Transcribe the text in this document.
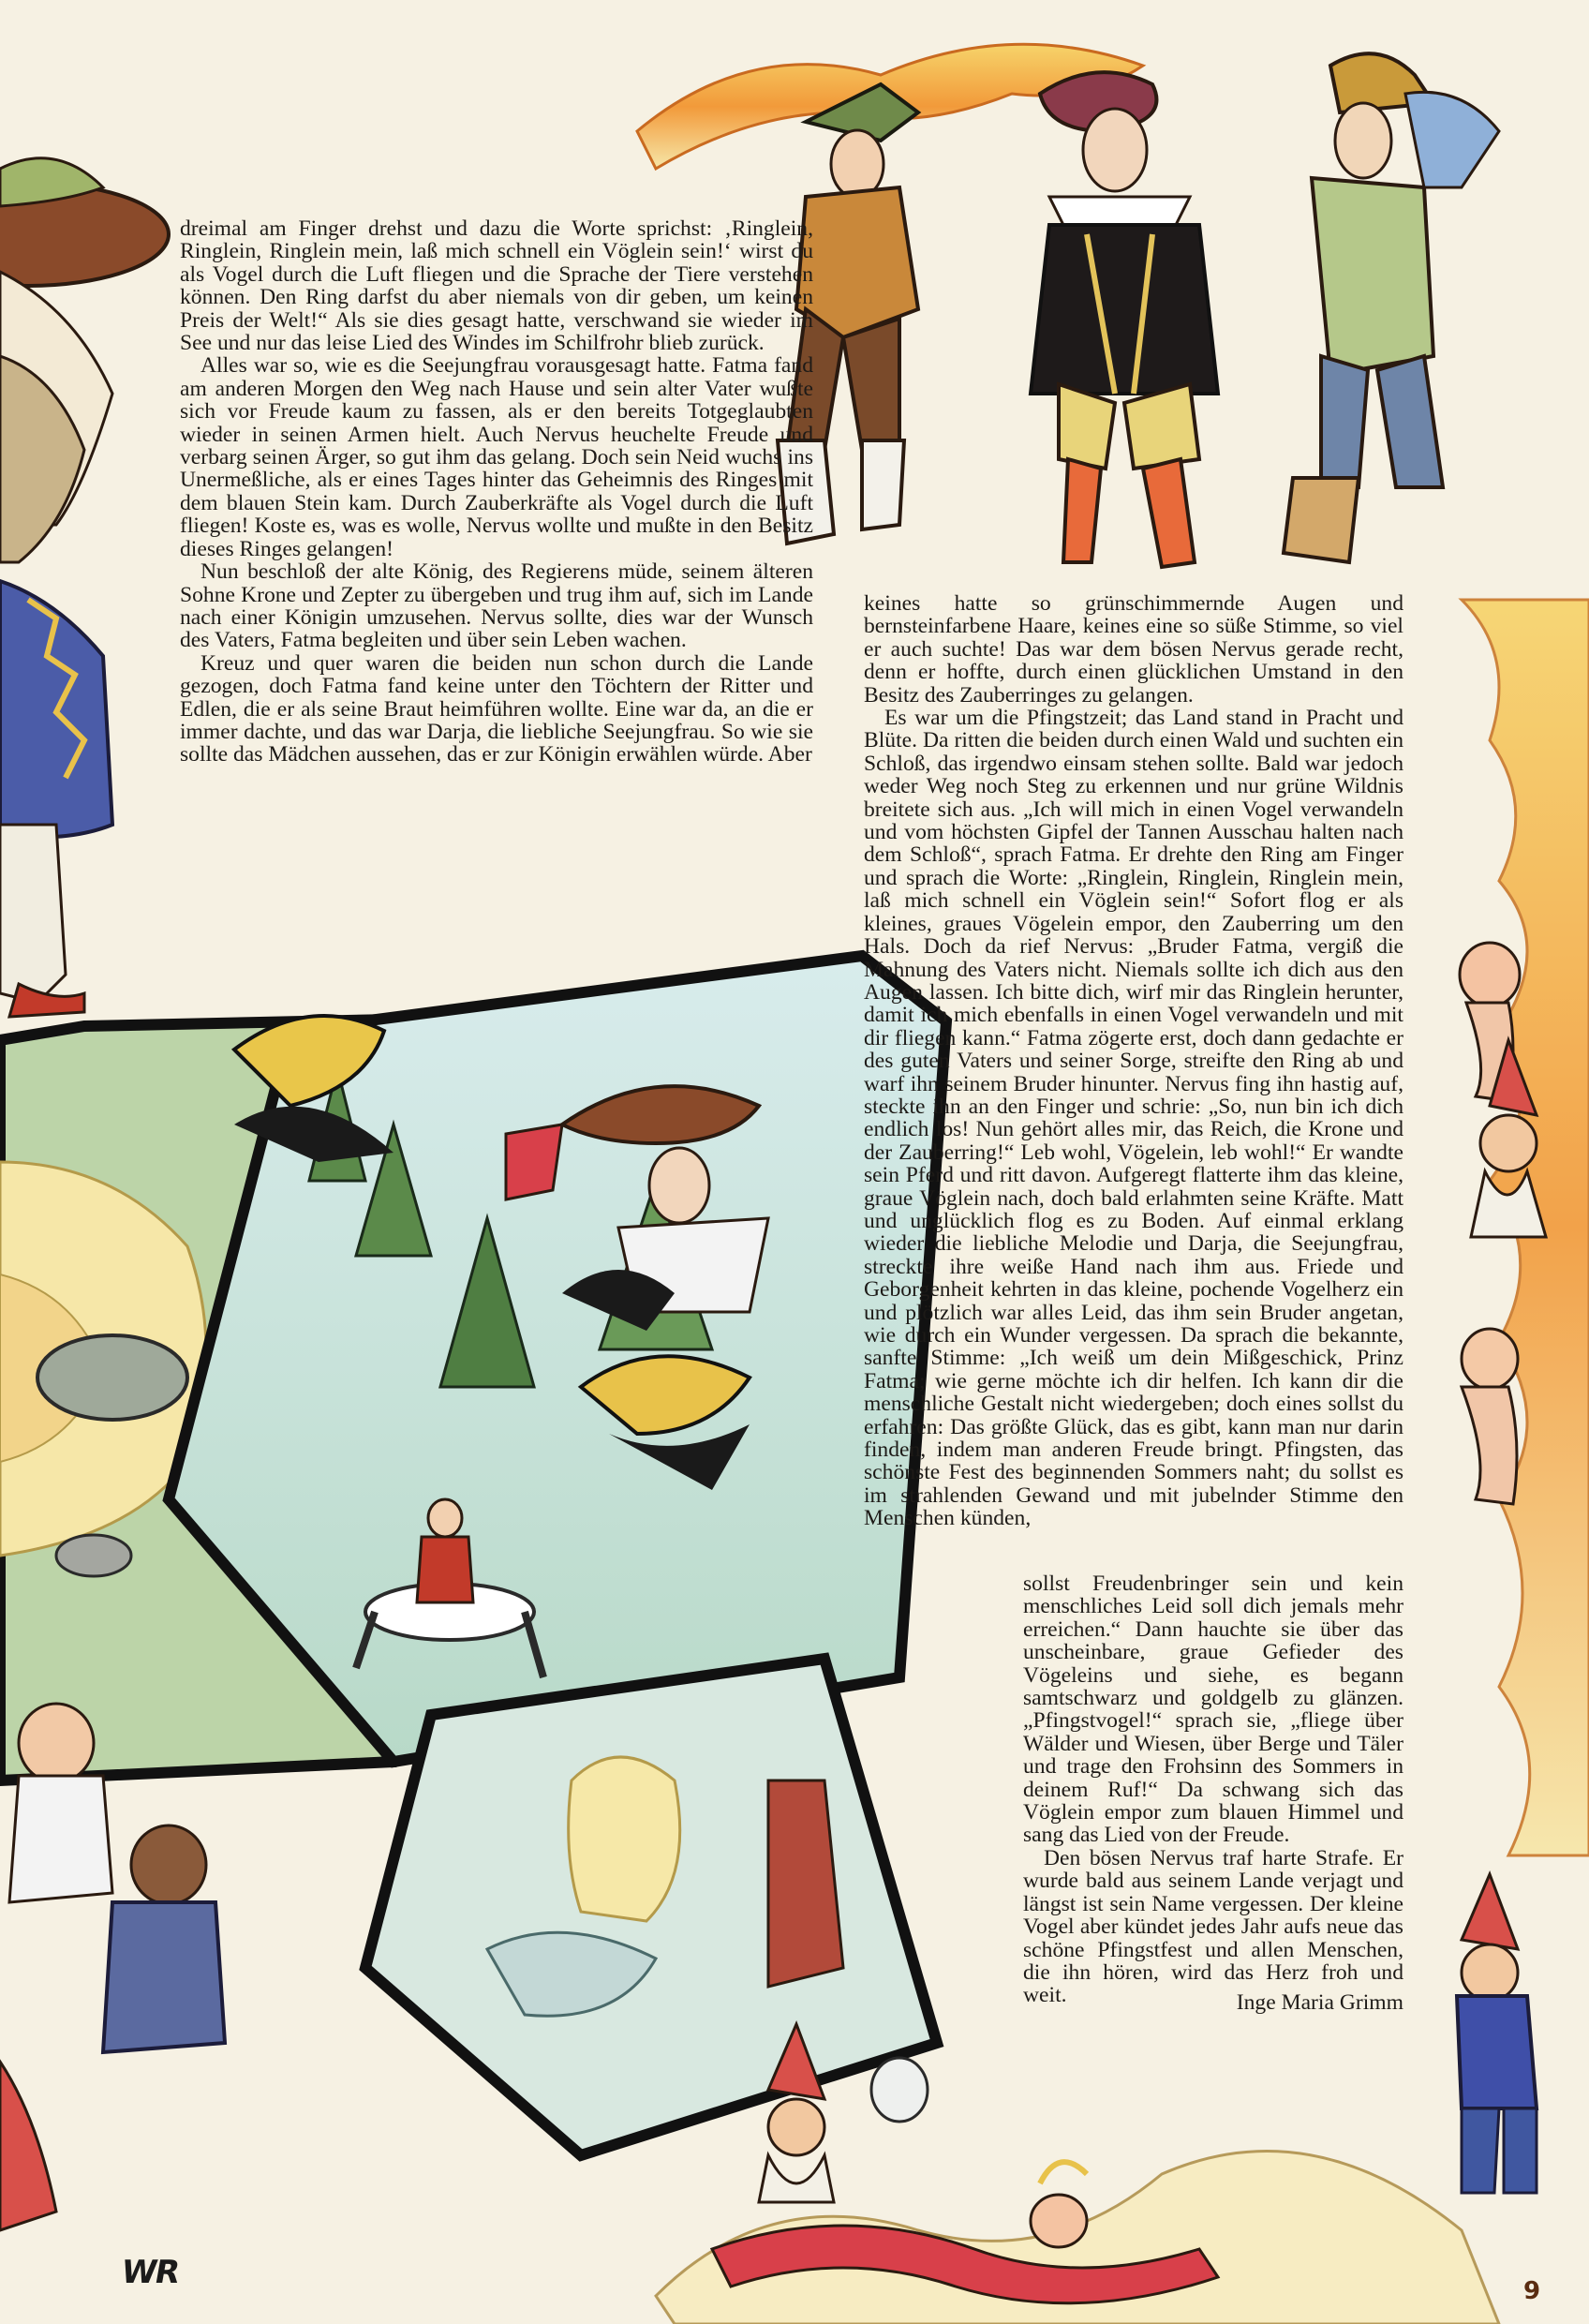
dreimal am Finger drehst und dazu die Worte sprichst: ‚Ringlein, Ringlein, Ringlein mein, laß mich schnell ein Vöglein sein!‘ wirst du als Vogel durch die Luft fliegen und die Sprache der Tiere verstehen können. Den Ring darfst du aber niemals von dir geben, um keinen Preis der Welt!“ Als sie dies gesagt hatte, verschwand sie wieder im See und nur das leise Lied des Windes im Schilfrohr blieb zurück.

Alles war so, wie es die Seejungfrau vorausgesagt hatte. Fatma fand am anderen Morgen den Weg nach Hause und sein alter Vater wußte sich vor Freude kaum zu fassen, als er den bereits Totgeglaubten wieder in seinen Armen hielt. Auch Nervus heuchelte Freude und verbarg seinen Ärger, so gut ihm das gelang. Doch sein Neid wuchs ins Unermeßliche, als er eines Tages hinter das Geheimnis des Ringes mit dem blauen Stein kam. Durch Zauberkräfte als Vogel durch die Luft fliegen! Koste es, was es wolle, Nervus wollte und mußte in den Besitz dieses Ringes gelangen!

Nun beschloß der alte König, des Regierens müde, seinem älteren Sohne Krone und Zepter zu übergeben und trug ihm auf, sich im Lande nach einer Königin umzusehen. Nervus sollte, dies war der Wunsch des Vaters, Fatma begleiten und über sein Leben wachen.

Kreuz und quer waren die beiden nun schon durch die Lande gezogen, doch Fatma fand keine unter den Töchtern der Ritter und Edlen, die er als seine Braut heimführen wollte. Eine war da, an die er immer dachte, und das war Darja, die liebliche Seejungfrau. So wie sie sollte das Mädchen aussehen, das er zur Königin erwählen würde. Aber

keines hatte so grünschimmernde Augen und bernsteinfarbene Haare, keines eine so süße Stimme, so viel er auch suchte! Das war dem bösen Nervus gerade recht, denn er hoffte, durch einen glücklichen Umstand in den Besitz des Zauberringes zu gelangen.

Es war um die Pfingstzeit; das Land stand in Pracht und Blüte. Da ritten die beiden durch einen Wald und suchten ein Schloß, das irgendwo einsam stehen sollte. Bald war jedoch weder Weg noch Steg zu erkennen und nur grüne Wildnis breitete sich aus. „Ich will mich in einen Vogel verwandeln und vom höchsten Gipfel der Tannen Ausschau halten nach dem Schloß“, sprach Fatma. Er drehte den Ring am Finger und sprach die Worte: „Ringlein, Ringlein, Ringlein mein, laß mich schnell ein Vöglein sein!“ Sofort flog er als kleines, graues Vögelein empor, den Zauberring um den Hals. Doch da rief Nervus: „Bruder Fatma, vergiß die Mahnung des Vaters nicht. Niemals sollte ich dich aus den Augen lassen. Ich bitte dich, wirf mir das Ringlein herunter, damit ich mich ebenfalls in einen Vogel verwandeln und mit dir fliegen kann.“ Fatma zögerte erst, doch dann gedachte er des guten Vaters und seiner Sorge, streifte den Ring ab und warf ihn seinem Bruder hinunter. Nervus fing ihn hastig auf, steckte ihn an den Finger und schrie: „So, nun bin ich dich endlich los! Nun gehört alles mir, das Reich, die Krone und der Zauberring!“ Leb wohl, Vögelein, leb wohl!“ Er wandte sein Pferd und ritt davon. Aufgeregt flatterte ihm das kleine, graue Vöglein nach, doch bald erlahmten seine Kräfte. Matt und unglücklich flog es zu Boden. Auf einmal erklang wieder die liebliche Melodie und Darja, die Seejungfrau, streckte ihre weiße Hand nach ihm aus. Friede und Geborgenheit kehrten in das kleine, pochende Vogelherz ein und plötzlich war alles Leid, das ihm sein Bruder angetan, wie durch ein Wunder vergessen. Da sprach die bekannte, sanfte Stimme: „Ich weiß um dein Mißgeschick, Prinz Fatma; wie gerne möchte ich dir helfen. Ich kann dir die menschliche Gestalt nicht wiedergeben; doch eines sollst du erfahren: Das größte Glück, das es gibt, kann man nur darin finden, indem man anderen Freude bringt. Pfingsten, das schönste Fest des beginnenden Sommers naht; du sollst es im strahlenden Gewand und mit jubelnder Stimme den Menschen künden,

sollst Freudenbringer sein und kein menschliches Leid soll dich jemals mehr erreichen.“ Dann hauchte sie über das unscheinbare, graue Gefieder des Vögeleins und siehe, es begann samtschwarz und goldgelb zu glänzen. „Pfingstvogel!“ sprach sie, „fliege über Wälder und Wiesen, über Berge und Täler und trage den Frohsinn des Sommers in deinem Ruf!“ Da schwang sich das Vöglein empor zum blauen Himmel und sang das Lied von der Freude.

Den bösen Nervus traf harte Strafe. Er wurde bald aus seinem Lande verjagt und längst ist sein Name vergessen. Der kleine Vogel aber kündet jedes Jahr aufs neue das schöne Pfingstfest und allen Menschen, die ihn hören, wird das Herz froh und weit.	Inge Maria Grimm
WR	9
